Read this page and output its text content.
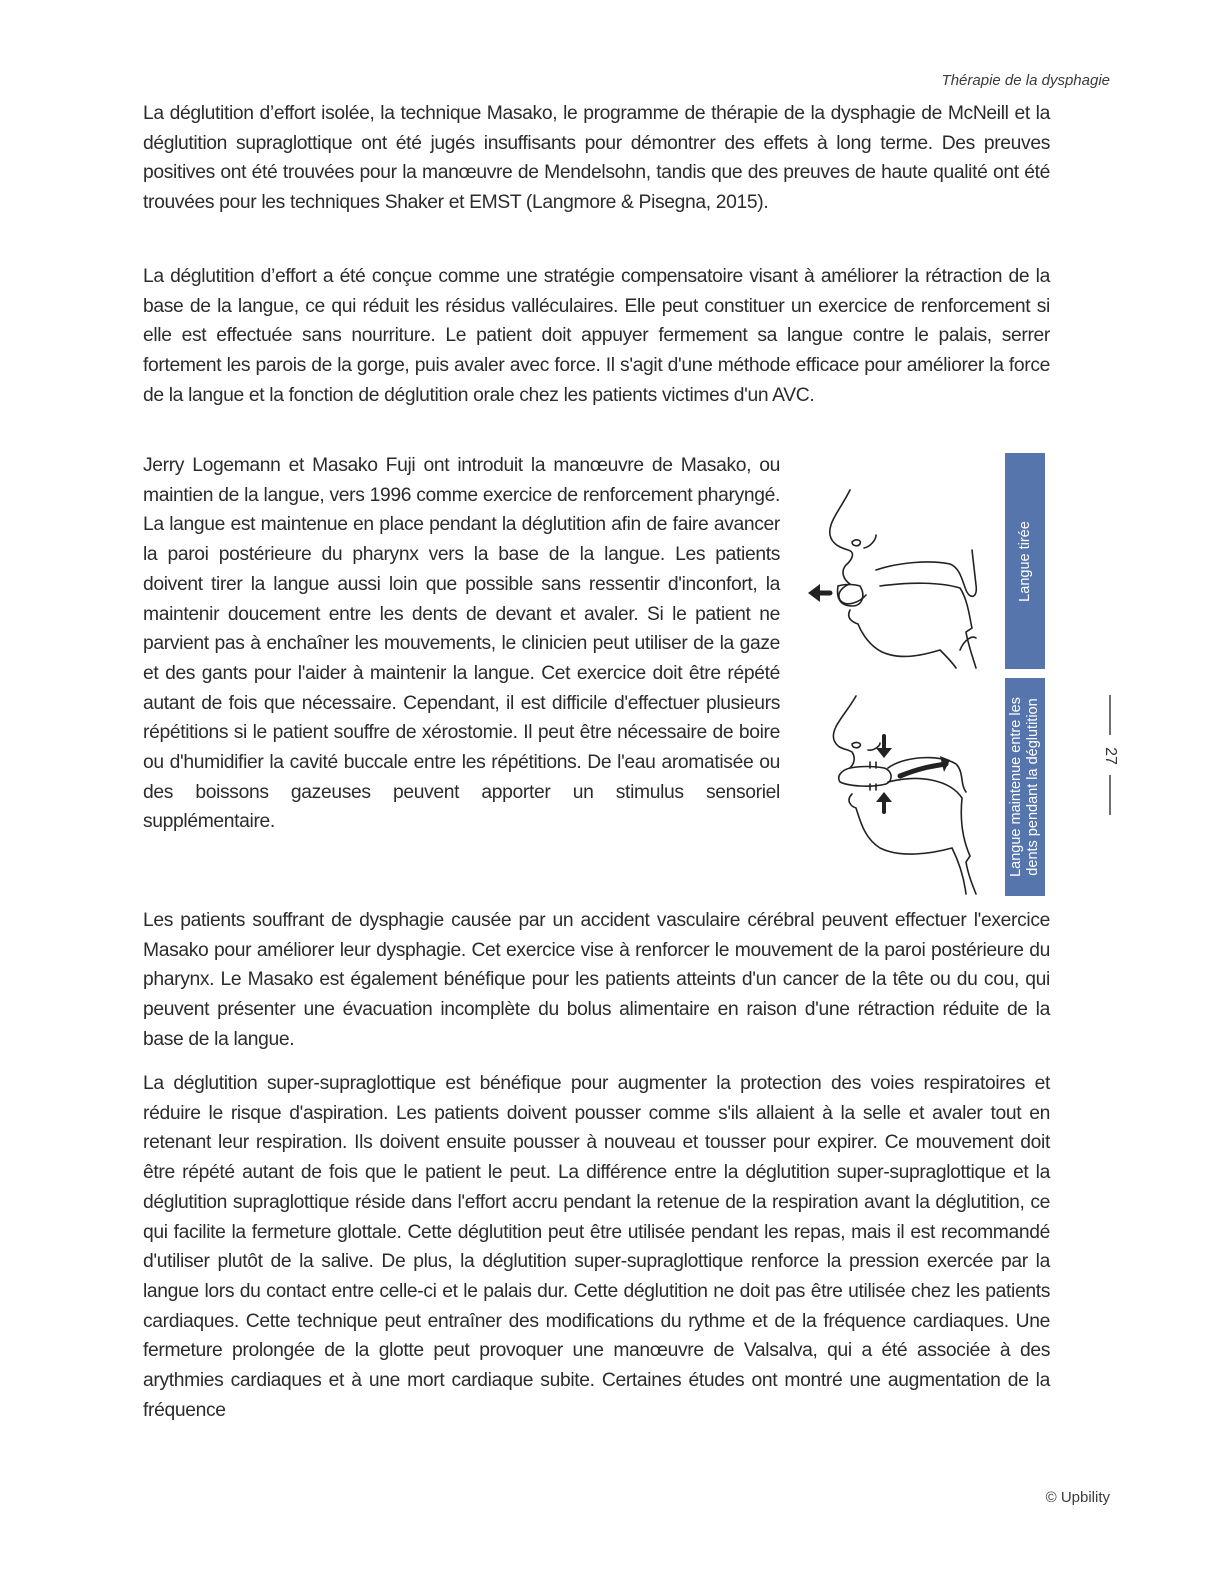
Thérapie de la dysphagie

La déglutition d’effort isolée, la technique Masako, le programme de thérapie de la dysphagie de McNeill et la déglutition supraglottique ont été jugés insuffisants pour démontrer des effets à long terme. Des preuves positives ont été trouvées pour la manœuvre de Mendelsohn, tandis que des preuves de haute qualité ont été trouvées pour les techniques Shaker et EMST (Langmore & Pisegna, 2015).

La déglutition d’effort a été conçue comme une stratégie compensatoire visant à améliorer la rétraction de la base de la langue, ce qui réduit les résidus valléculaires. Elle peut constituer un exercice de renforcement si elle est effectuée sans nourriture. Le patient doit appuyer fermement sa langue contre le palais, serrer fortement les parois de la gorge, puis avaler avec force. Il s'agit d'une méthode efficace pour améliorer la force de la langue et la fonction de déglutition orale chez les patients victimes d'un AVC.

Jerry Logemann et Masako Fuji ont introduit la manœuvre de Masako, ou maintien de la langue, vers 1996 comme exercice de renforcement pharyngé. La langue est maintenue en place pendant la déglutition afin de faire avancer la paroi postérieure du pharynx vers la base de la langue. Les patients doivent tirer la langue aussi loin que possible sans ressentir d'inconfort, la maintenir doucement entre les dents de devant et avaler. Si le patient ne parvient pas à enchaîner les mouvements, le clinicien peut utiliser de la gaze et des gants pour l'aider à maintenir la langue. Cet exercice doit être répété autant de fois que nécessaire. Cependant, il est difficile d'effectuer plusieurs répétitions si le patient souffre de xérostomie. Il peut être nécessaire de boire ou d'humidifier la cavité buccale entre les répétitions. De l'eau aromatisée ou des boissons gazeuses peuvent apporter un stimulus sensoriel supplémentaire.

Langue tirée
Langue maintenue entre les dents pendant la déglutition

Les patients souffrant de dysphagie causée par un accident vasculaire cérébral peuvent effectuer l'exercice Masako pour améliorer leur dysphagie. Cet exercice vise à renforcer le mouvement de la paroi postérieure du pharynx. Le Masako est également bénéfique pour les patients atteints d'un cancer de la tête ou du cou, qui peuvent présenter une évacuation incomplète du bolus alimentaire en raison d'une rétraction réduite de la base de la langue.

La déglutition super-supraglottique est bénéfique pour augmenter la protection des voies respiratoires et réduire le risque d'aspiration. Les patients doivent pousser comme s'ils allaient à la selle et avaler tout en retenant leur respiration. Ils doivent ensuite pousser à nouveau et tousser pour expirer. Ce mouvement doit être répété autant de fois que le patient le peut. La différence entre la déglutition super-supraglottique et la déglutition supraglottique réside dans l'effort accru pendant la retenue de la respiration avant la déglutition, ce qui facilite la fermeture glottale. Cette déglutition peut être utilisée pendant les repas, mais il est recommandé d'utiliser plutôt de la salive. De plus, la déglutition super-supraglottique renforce la pression exercée par la langue lors du contact entre celle-ci et le palais dur. Cette déglutition ne doit pas être utilisée chez les patients cardiaques. Cette technique peut entraîner des modifications du rythme et de la fréquence cardiaques. Une fermeture prolongée de la glotte peut provoquer une manœuvre de Valsalva, qui a été associée à des arythmies cardiaques et à une mort cardiaque subite. Certaines études ont montré une augmentation de la fréquence

27
© Upbility
